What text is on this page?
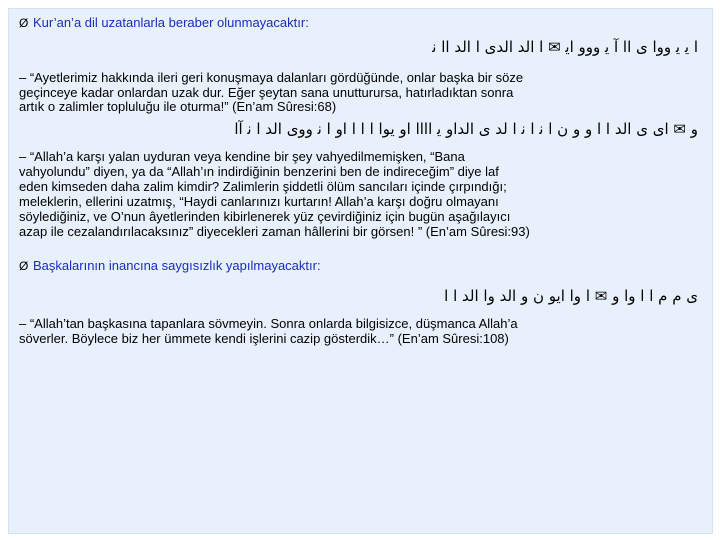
Ø Kur’an’a dil uzatanlarla beraber olunmayacaktır:
ﺍ ﻳ ﻳ ﻭﻭﺍ ﻯ ﺍﺍ ﺁ ﻳ ﻭﻭﻭ ﺍﻳ ✉ ﺍ ﺍﻟﺪ ﺍﻟﺪﻯ ﺍ ﺍﻟﺪ ﺍﺍ ﻧ
– “Ayetlerimiz hakkında ileri geri konuşmaya dalanları gördüğünde, onlar başka bir söze
geçinceye kadar onlardan uzak dur. Eğer şeytan sana unutturursa, hatırladıktan sonra
artık o zalimler topluluğu ile oturma!” (En’am Sûresi:68)
ﻭ ✉ ﺍﻯ ﻯ ﺍﻟﺪ ﺍ ﺍ ﻭ ﻭ ﻥ ﺍ ﻧ ﺍ ﻧ ﺍ ﻟﺪ ﻯ ﺍﻟﺪﺍﻭ ﻳ ﺍﺍﺍﺍ ﺍﻭ ﻳﻮﺍ ﺍ ﺍ ﺍ ﺍﻭ ﺍ ﻧ ﻭﻭﻯ ﺍﻟﺪ ﺍ ﻧ ﺁﺍ
– “Allah’a karşı yalan uyduran veya kendine bir şey vahyedilmemişken, “Bana
vahyolundu” diyen, ya da “Allah’ın indirdiğinin benzerini ben de indireceğim” diye laf
eden kimseden daha zalim kimdir? Zalimlerin şiddetli ölüm sancıları içinde çırpındığı;
meleklerin, ellerini uzatmış, “Haydi canlarınızı kurtarın! Allah’a karşı doğru olmayanı
söylediğiniz, ve O’nun âyetlerinden kibirlenerek yüz çevirdiğiniz için bugün aşağılayıcı
azap ile cezalandırılacaksınız” diyecekleri zaman hâllerini bir görsen! ” (En’am Sûresi:93)
Ø Başkalarının inancına saygısızlık yapılmayacaktır:
ﻯ ﻡ ﻡ ﺍ ﺍ ﻭﺍ ﻭ ✉ ﺍ ﻭﺍ ﺍﻳﻮ ﻥ ﻭ ﺍﻟﺪ ﻭﺍ ﺍﻟﺪ ﺍ ﺍ
– “Allah’tan başkasına tapanlara sövmeyin. Sonra onlarda bilgisizce, düşmanca Allah’a
söverler. Böylece biz her ümmete kendi işlerini cazip gösterdik…” (En’am Sûresi:108)
